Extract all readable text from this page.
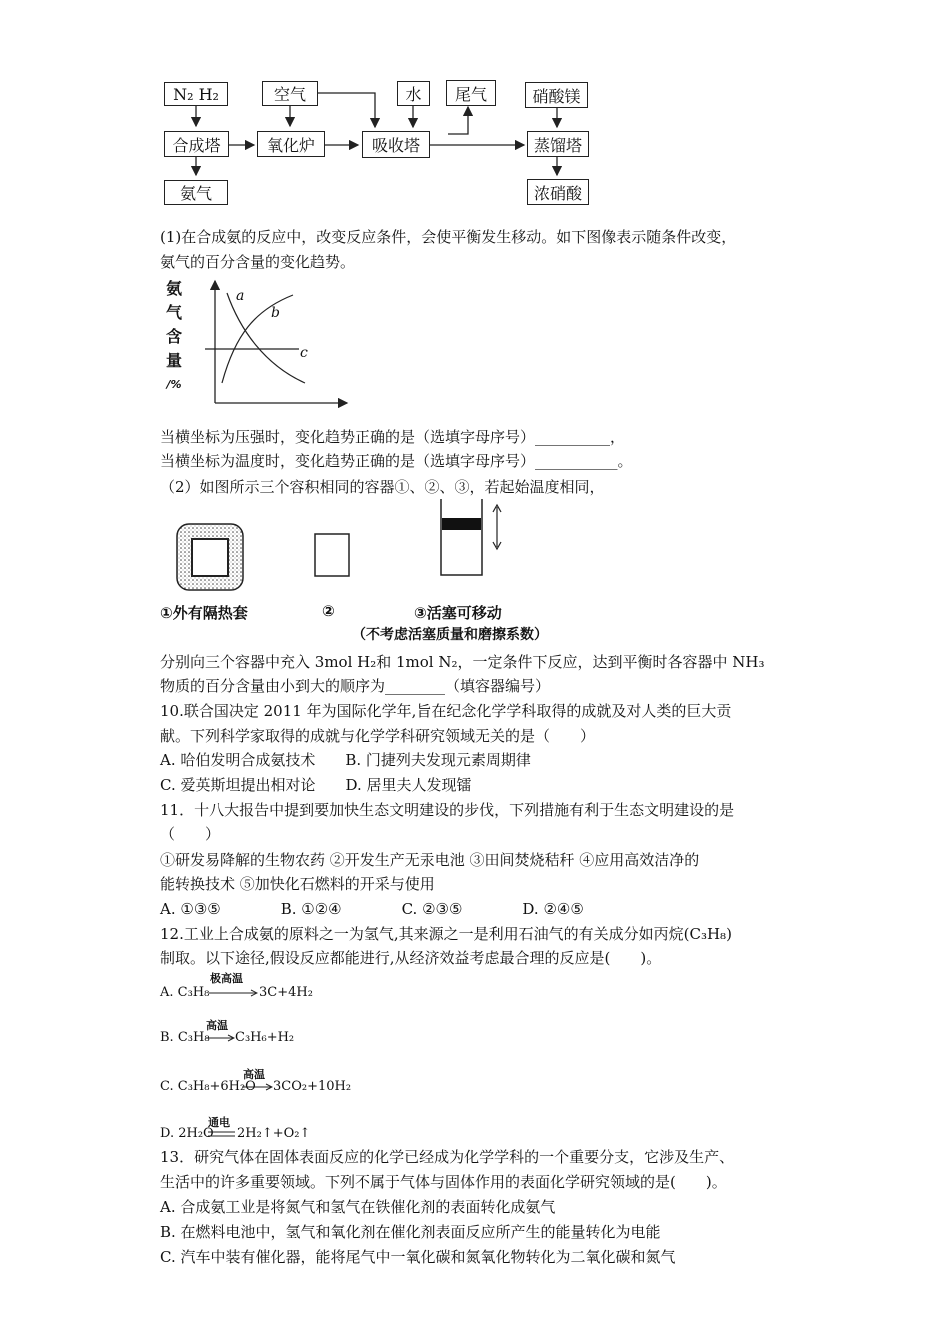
N₂ H₂
合成塔
氨气
空气
氧化炉
水	尾气
吸收塔
硝酸镁
蒸馏塔
浓硝酸
(1)在合成氨的反应中，改变反应条件，会使平衡发生移动。如下图像表示随条件改变，
氨气的百分含量的变化趋势。
氨
气
含
量
/%
a
b
c
当横坐标为压强时，变化趋势正确的是（选填字母序号）__________，
当横坐标为温度时，变化趋势正确的是（选填字母序号）___________。
（2）如图所示三个容积相同的容器①、②、③，若起始温度相同，
①外有隔热套	②	③活塞可移动
（不考虑活塞质量和磨擦系数）
分别向三个容器中充入 3mol H₂和 1mol N₂，一定条件下反应，达到平衡时各容器中 NH₃
物质的百分含量由小到大的顺序为________（填容器编号）
10.联合国决定 2011 年为国际化学年,旨在纪念化学学科取得的成就及对人类的巨大贡
献。下列科学家取得的成就与化学学科研究领域无关的是（　　）
A. 哈伯发明合成氨技术　　B. 门捷列夫发现元素周期律
C. 爱英斯坦提出相对论　　D. 居里夫人发现镭
11．十八大报告中提到要加快生态文明建设的步伐，下列措施有利于生态文明建设的是
（　　）
①研发易降解的生物农药 ②开发生产无汞电池 ③田间焚烧秸秆 ④应用高效洁净的
能转换技术 ⑤加快化石燃料的开采与使用
A. ①③⑤　　　　B. ①②④　　　　C. ②③⑤　　　　D. ②④⑤
12.工业上合成氨的原料之一为氢气,其来源之一是利用石油气的有关成分如丙烷(C₃H₈)
制取。以下途径,假设反应都能进行,从经济效益考虑最合理的反应是(　　)。
A. C₃H₈
极高温
3C+4H₂
B. C₃H₈
高温
C₃H₆+H₂
C. C₃H₈+6H₂O
高温
3CO₂+10H₂
D. 2H₂O
通电
2H₂↑+O₂↑
13．研究气体在固体表面反应的化学已经成为化学学科的一个重要分支，它涉及生产、
生活中的许多重要领域。下列不属于气体与固体作用的表面化学研究领域的是(　　)。
A. 合成氨工业是将氮气和氢气在铁催化剂的表面转化成氨气
B. 在燃料电池中，氢气和氧化剂在催化剂表面反应所产生的能量转化为电能
C. 汽车中装有催化器，能将尾气中一氧化碳和氮氧化物转化为二氧化碳和氮气
